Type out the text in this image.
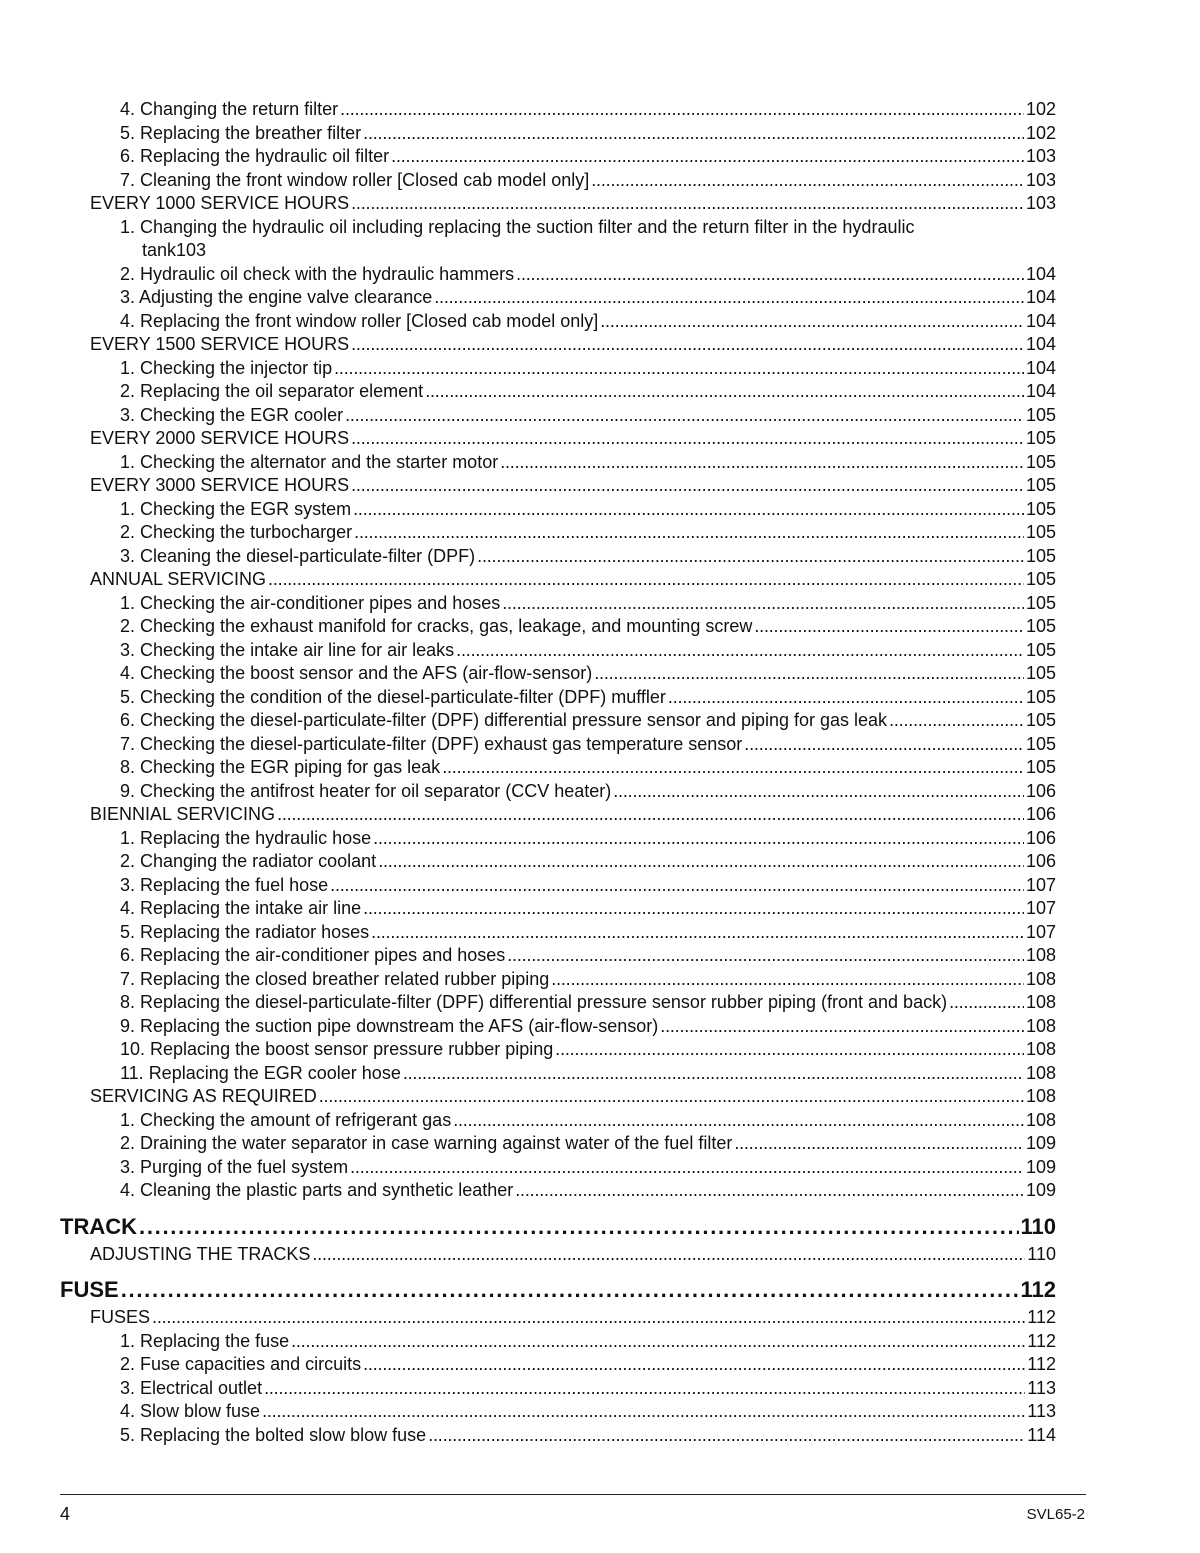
4. Changing the return filter . . .	102
5. Replacing the breather filter . . .	102
6. Replacing the hydraulic oil filter . . .	103
7. Cleaning the front window roller [Closed cab model only] . . .	103
EVERY 1000 SERVICE HOURS . . .	103
1. Changing the hydraulic oil including replacing the suction filter and the return filter in the hydraulic
tank 103
2. Hydraulic oil check with the hydraulic hammers . . .	104
3. Adjusting the engine valve clearance . . .	104
4. Replacing the front window roller [Closed cab model only] . . .	104
EVERY 1500 SERVICE HOURS . . .	104
1. Checking the injector tip . . .	104
2. Replacing the oil separator element . . .	104
3. Checking the EGR cooler . . .	105
EVERY 2000 SERVICE HOURS . . .	105
1. Checking the alternator and the starter motor . . .	105
EVERY 3000 SERVICE HOURS . . .	105
1. Checking the EGR system . . .	105
2. Checking the turbocharger . . .	105
3. Cleaning the diesel-particulate-filter (DPF) . . .	105
ANNUAL SERVICING . . .	105
1. Checking the air-conditioner pipes and hoses . . .	105
2. Checking the exhaust manifold for cracks, gas, leakage, and mounting screw . . .	105
3. Checking the intake air line for air leaks . . .	105
4. Checking the boost sensor and the AFS (air-flow-sensor) . . .	105
5. Checking the condition of the diesel-particulate-filter (DPF) muffler . . .	105
6. Checking the diesel-particulate-filter (DPF) differential pressure sensor and piping for gas leak . . .	105
7. Checking the diesel-particulate-filter (DPF) exhaust gas temperature sensor . . .	105
8. Checking the EGR piping for gas leak . . .	105
9. Checking the antifrost heater for oil separator (CCV heater) . . .	106
BIENNIAL SERVICING . . .	106
1. Replacing the hydraulic hose . . .	106
2. Changing the radiator coolant . . .	106
3. Replacing the fuel hose . . .	107
4. Replacing the intake air line . . .	107
5. Replacing the radiator hoses . . .	107
6. Replacing the air-conditioner pipes and hoses . . .	108
7. Replacing the closed breather related rubber piping . . .	108
8. Replacing the diesel-particulate-filter (DPF) differential pressure sensor rubber piping (front and back) . . .	108
9. Replacing the suction pipe downstream the AFS (air-flow-sensor) . . .	108
10. Replacing the boost sensor pressure rubber piping . . .	108
11. Replacing the EGR cooler hose . . .	108
SERVICING AS REQUIRED . . .	108
1. Checking the amount of refrigerant gas . . .	108
2. Draining the water separator in case warning against water of the fuel filter . . .	109
3. Purging of the fuel system . . .	109
4. Cleaning the plastic parts and synthetic leather . . .	109
TRACK . . .	110
ADJUSTING THE TRACKS . . .	110
FUSE . . .	112
FUSES . . .	112
1. Replacing the fuse . . .	112
2. Fuse capacities and circuits . . .	112
3. Electrical outlet . . .	113
4. Slow blow fuse . . .	113
5. Replacing the bolted slow blow fuse . . .	114
4	SVL65-2
